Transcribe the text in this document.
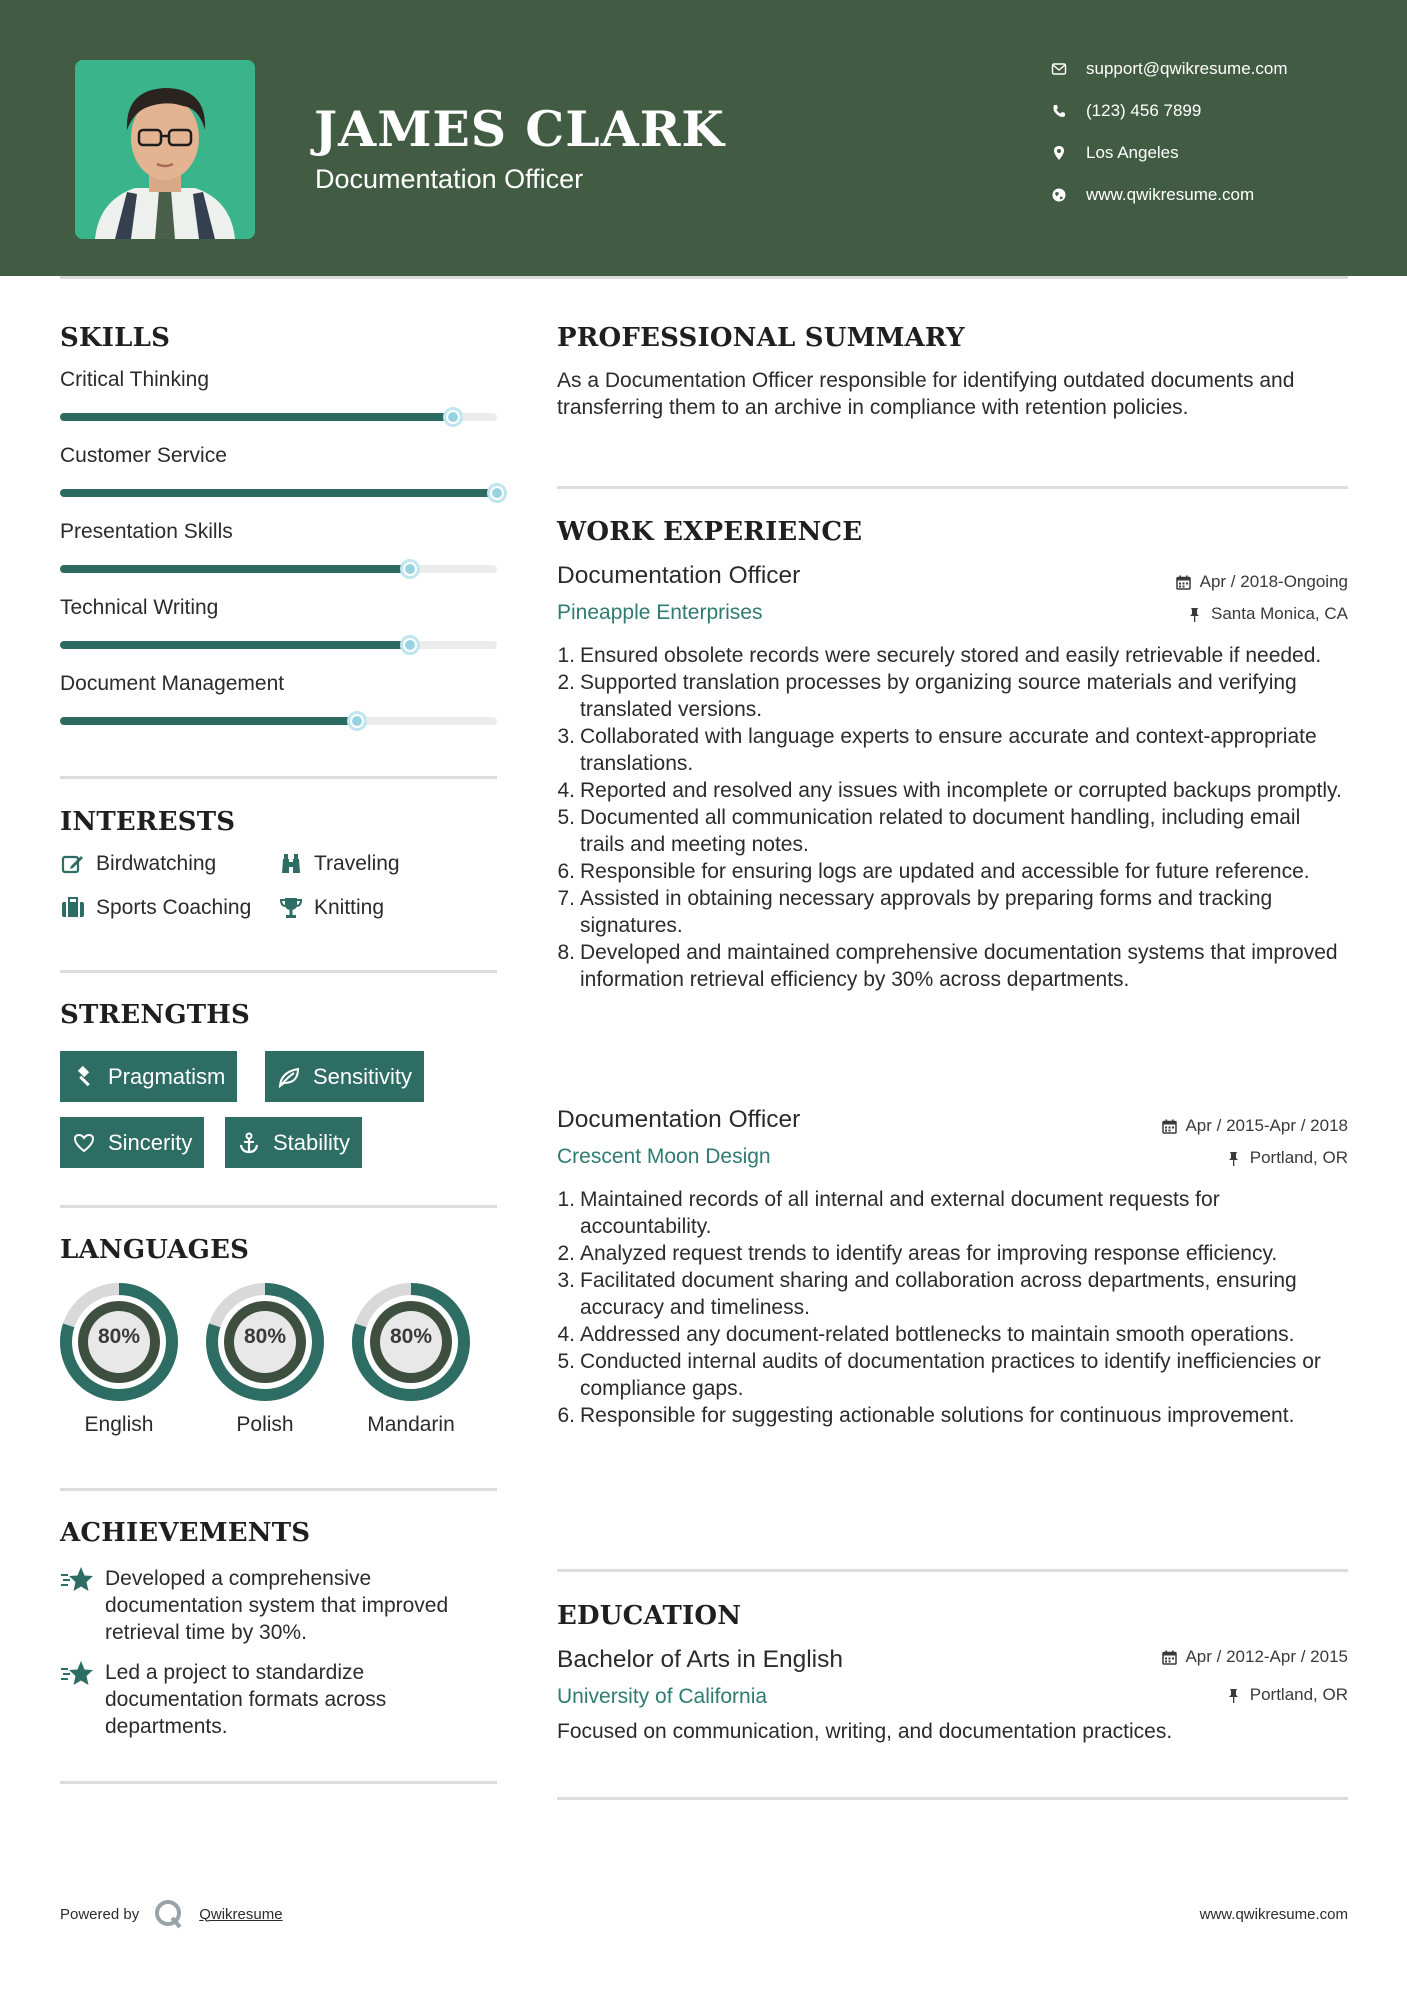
JAMES CLARK
Documentation Officer
support@qwikresume.com
(123) 456 7899
Los Angeles
www.qwikresume.com
SKILLS
Critical Thinking
Customer Service
Presentation Skills
Technical Writing
Document Management
INTERESTS
Birdwatching	Traveling
Sports Coaching	Knitting
STRENGTHS
Pragmatism	Sensitivity
Sincerity	Stability
LANGUAGES
80%
English
80%
Polish
80%
Mandarin
ACHIEVEMENTS
Developed a comprehensive documentation system that improved retrieval time by 30%.
Led a project to standardize documentation formats across departments.
PROFESSIONAL SUMMARY
As a Documentation Officer responsible for identifying outdated documents and transferring them to an archive in compliance with retention policies.
WORK EXPERIENCE
Documentation Officer
Pineapple Enterprises
Apr / 2018-Ongoing
Santa Monica, CA
1. Ensured obsolete records were securely stored and easily retrievable if needed.
2. Supported translation processes by organizing source materials and verifying translated versions.
3. Collaborated with language experts to ensure accurate and context-appropriate translations.
4. Reported and resolved any issues with incomplete or corrupted backups promptly.
5. Documented all communication related to document handling, including email trails and meeting notes.
6. Responsible for ensuring logs are updated and accessible for future reference.
7. Assisted in obtaining necessary approvals by preparing forms and tracking signatures.
8. Developed and maintained comprehensive documentation systems that improved information retrieval efficiency by 30% across departments.
Documentation Officer
Crescent Moon Design
Apr / 2015-Apr / 2018
Portland, OR
1. Maintained records of all internal and external document requests for accountability.
2. Analyzed request trends to identify areas for improving response efficiency.
3. Facilitated document sharing and collaboration across departments, ensuring accuracy and timeliness.
4. Addressed any document-related bottlenecks to maintain smooth operations.
5. Conducted internal audits of documentation practices to identify inefficiencies or compliance gaps.
6. Responsible for suggesting actionable solutions for continuous improvement.
EDUCATION
Bachelor of Arts in English
University of California
Apr / 2012-Apr / 2015
Portland, OR
Focused on communication, writing, and documentation practices.
Powered by	Qwikresume	www.qwikresume.com
